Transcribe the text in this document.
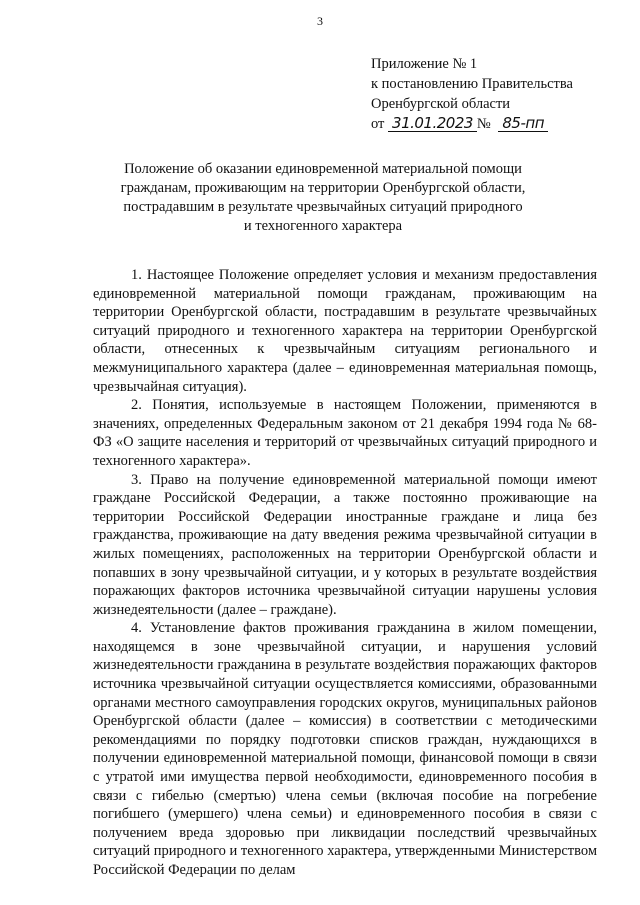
3
Приложение № 1
к постановлению Правительства
Оренбургской области
от 31.01.2023 № 85-пп
Положение об оказании единовременной материальной помощи гражданам, проживающим на территории Оренбургской области, пострадавшим в результате чрезвычайных ситуаций природного и техногенного характера

1. Настоящее Положение определяет условия и механизм предоставления единовременной материальной помощи гражданам, проживающим на территории Оренбургской области, пострадавшим в результате чрезвычайных ситуаций природного и техногенного характера на территории Оренбургской области, отнесенных к чрезвычайным ситуациям регионального и межмуниципального характера (далее – единовременная материальная помощь, чрезвычайная ситуация).

2. Понятия, используемые в настоящем Положении, применяются в значениях, определенных Федеральным законом от 21 декабря 1994 года № 68-ФЗ «О защите населения и территорий от чрезвычайных ситуаций природного и техногенного характера».

3. Право на получение единовременной материальной помощи имеют граждане Российской Федерации, а также постоянно проживающие на территории Российской Федерации иностранные граждане и лица без гражданства, проживающие на дату введения режима чрезвычайной ситуации в жилых помещениях, расположенных на территории Оренбургской области и попавших в зону чрезвычайной ситуации, и у которых в результате воздействия поражающих факторов источника чрезвычайной ситуации нарушены условия жизнедеятельности (далее – граждане).

4. Установление фактов проживания гражданина в жилом помещении, находящемся в зоне чрезвычайной ситуации, и нарушения условий жизнедеятельности гражданина в результате воздействия поражающих факторов источника чрезвычайной ситуации осуществляется комиссиями, образованными органами местного самоуправления городских округов, муниципальных районов Оренбургской области (далее – комиссия) в соответствии с методическими рекомендациями по порядку подготовки списков граждан, нуждающихся в получении единовременной материальной помощи, финансовой помощи в связи с утратой ими имущества первой необходимости, единовременного пособия в связи с гибелью (смертью) члена семьи (включая пособие на погребение погибшего (умершего) члена семьи) и единовременного пособия в связи с получением вреда здоровью при ликвидации последствий чрезвычайных ситуаций природного и техногенного характера, утвержденными Министерством Российской Федерации по делам
